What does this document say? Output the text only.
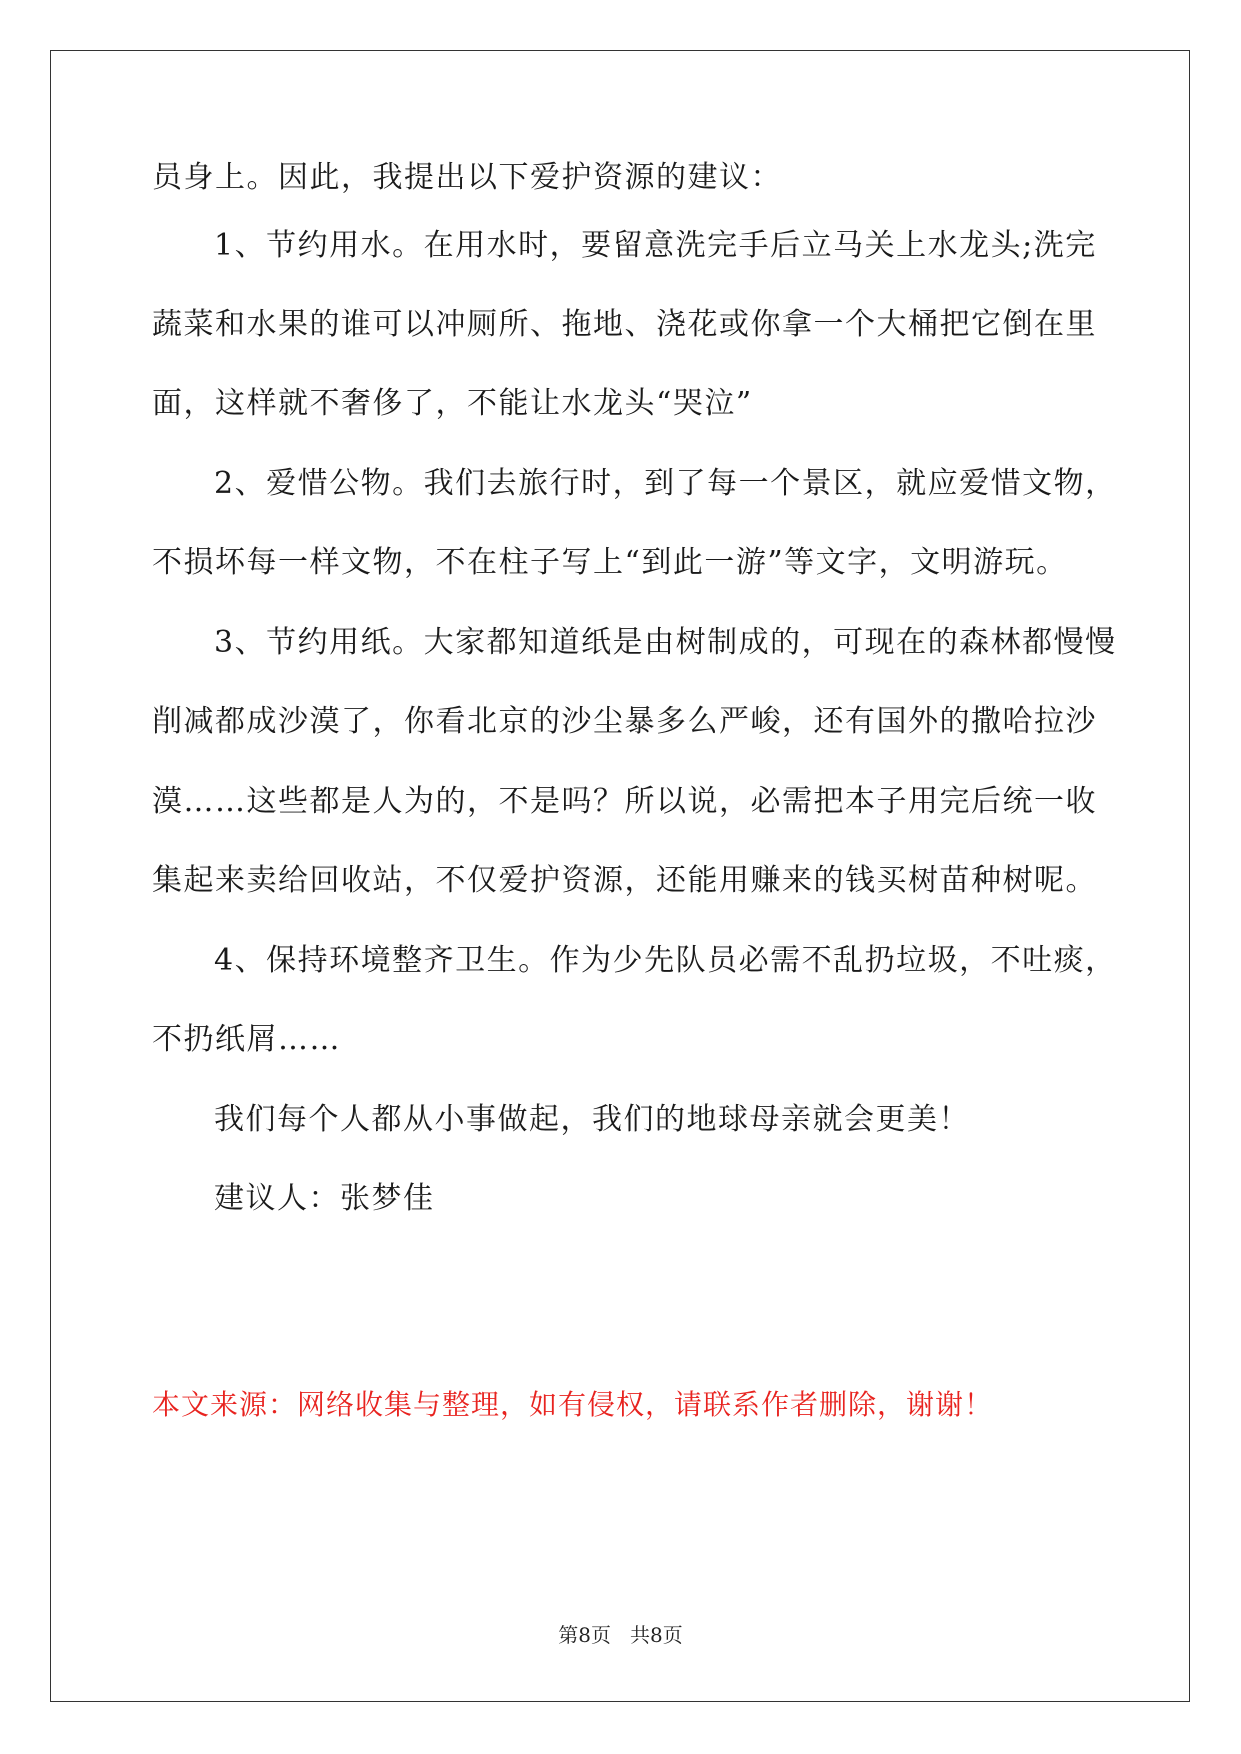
员身上。因此，我提出以下爱护资源的建议：
1、节约用水。在用水时，要留意洗完手后立马关上水龙头;洗完
蔬菜和水果的谁可以冲厕所、拖地、浇花或你拿一个大桶把它倒在里
面，这样就不奢侈了，不能让水龙头“哭泣”
2、爱惜公物。我们去旅行时，到了每一个景区，就应爱惜文物，
不损坏每一样文物，不在柱子写上“到此一游”等文字，文明游玩。
3、节约用纸。大家都知道纸是由树制成的，可现在的森林都慢慢
削减都成沙漠了，你看北京的沙尘暴多么严峻，还有国外的撒哈拉沙
漠……这些都是人为的，不是吗？所以说，必需把本子用完后统一收
集起来卖给回收站，不仅爱护资源，还能用赚来的钱买树苗种树呢。
4、保持环境整齐卫生。作为少先队员必需不乱扔垃圾，不吐痰，
不扔纸屑……
我们每个人都从小事做起，我们的地球母亲就会更美！
建议人：张梦佳
本文来源：网络收集与整理，如有侵权，请联系作者删除，谢谢！
第8页 共8页
